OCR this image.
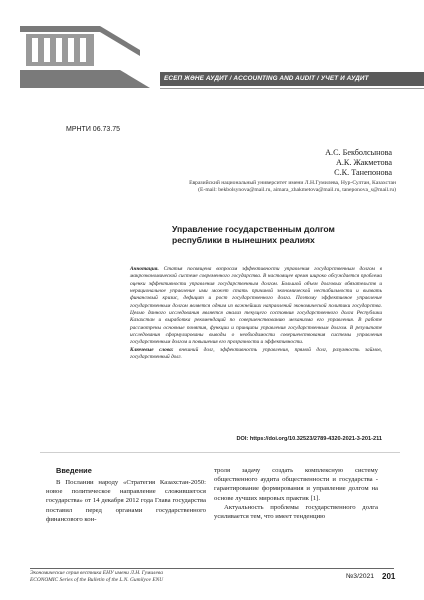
ЕСЕП ЖӘНЕ АУДИТ / ACCOUNTING AND AUDIT / УЧЕТ И АУДИТ
МРНТИ 06.73.75
А.С. Бекболсынова
А.К. Жакметова
С.К. Танепонова
Евразийский национальный университет имени Л.Н.Гумилева, Нур-Султан, Казахстан
(E-mail: bekbolsynova@mail.ru, aimara_zhakmetova@mail.ru, taneponova_s@mail.ru)
Управление государственным долгом республики в нынешних реалиях
Аннотация. Статья посвящена вопросам эффективности управления государственным долгом в макроэкономической системе современного государства. В настоящее время широко обсуждается проблема оценки эффективности управления государственным долгом. Большой объем долговых обязательств и нерациональное управление ими может стать причиной экономической нестабильности и вызвать финансовый кризис, дефицит и рост государственного долга. Поэтому эффективное управление государственным долгом является одним из важнейших направлений экономической политики государства. Целью данного исследования является анализ текущего состояния государственного долга Республики Казахстан и выработка рекомендаций по совершенствованию механизма его управления. В работе рассмотрены основные понятия, функции и принципы управления государственным долгом. В результате исследования сформулированы выводы о необходимости совершенствования системы управления государственным долгом и повышения его прозрачности и эффективности.
Ключевые слова: внешний долг, эффективность управления, прямой долг, разумность займов, государственный долг.
DOI: https://doi.org/10.32523/2789-4320-2021-3-201-211
Введение
В Послании народу «Стратегия Казахстан-2050: новое политическое направление сложившегося государства» от 14 декабря 2012 года Глава государства поставил перед органами государственного финансового кон-

троля задачу создать комплексную систему общественного аудита общественности и государства - гарантирование формирования и управление долгом на основе лучших мировых практик [1].

Актуальность проблемы государственного долга усиливается тем, что имеет тенденцию

Экономические серия вестника ЕНУ имени Л.Н. Гумилева
ECONOMIC Series of the Bulletin of the L.N. Gumilyov ENU	№3/2021 201
